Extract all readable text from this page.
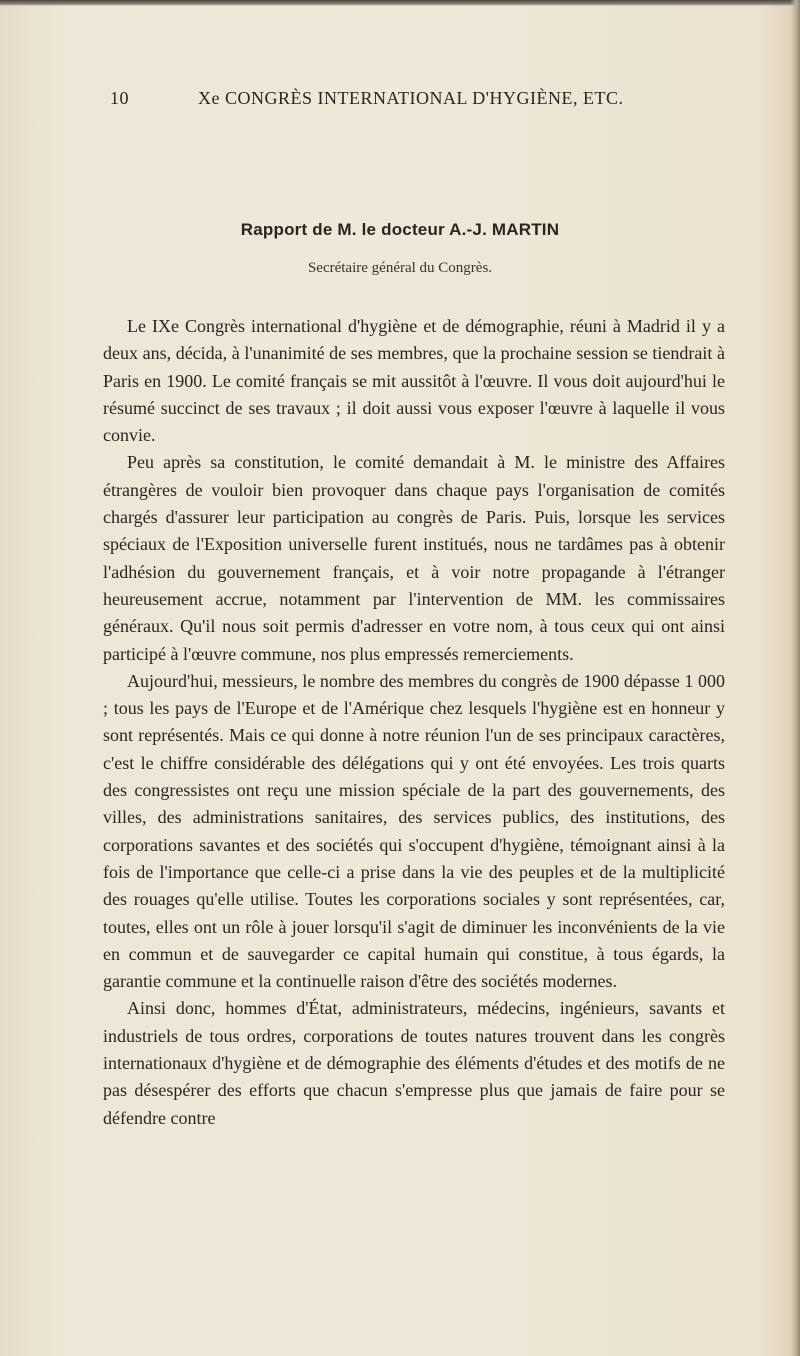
10	Xe CONGRÈS INTERNATIONAL D'HYGIÈNE, ETC.
Rapport de M. le docteur A.-J. MARTIN
Secrétaire général du Congrès.

Le IXe Congrès international d'hygiène et de démographie, réuni à Madrid il y a deux ans, décida, à l'unanimité de ses membres, que la prochaine session se tiendrait à Paris en 1900. Le comité français se mit aussitôt à l'œuvre. Il vous doit aujourd'hui le résumé succinct de ses travaux ; il doit aussi vous exposer l'œuvre à laquelle il vous convie.

Peu après sa constitution, le comité demandait à M. le ministre des Affaires étrangères de vouloir bien provoquer dans chaque pays l'organisation de comités chargés d'assurer leur participation au congrès de Paris. Puis, lorsque les services spéciaux de l'Exposition universelle furent institués, nous ne tardâmes pas à obtenir l'adhésion du gouvernement français, et à voir notre propagande à l'étranger heureusement accrue, notamment par l'intervention de MM. les commissaires généraux. Qu'il nous soit permis d'adresser en votre nom, à tous ceux qui ont ainsi participé à l'œuvre commune, nos plus empressés remerciements.

Aujourd'hui, messieurs, le nombre des membres du congrès de 1900 dépasse 1 000 ; tous les pays de l'Europe et de l'Amérique chez lesquels l'hygiène est en honneur y sont représentés. Mais ce qui donne à notre réunion l'un de ses principaux caractères, c'est le chiffre considérable des délégations qui y ont été envoyées. Les trois quarts des congressistes ont reçu une mission spéciale de la part des gouvernements, des villes, des administrations sanitaires, des services publics, des institutions, des corporations savantes et des sociétés qui s'occupent d'hygiène, témoignant ainsi à la fois de l'importance que celle-ci a prise dans la vie des peuples et de la multiplicité des rouages qu'elle utilise. Toutes les corporations sociales y sont représentées, car, toutes, elles ont un rôle à jouer lorsqu'il s'agit de diminuer les inconvénients de la vie en commun et de sauvegarder ce capital humain qui constitue, à tous égards, la garantie commune et la continuelle raison d'être des sociétés modernes.

Ainsi donc, hommes d'État, administrateurs, médecins, ingénieurs, savants et industriels de tous ordres, corporations de toutes natures trouvent dans les congrès internationaux d'hygiène et de démographie des éléments d'études et des motifs de ne pas désespérer des efforts que chacun s'empresse plus que jamais de faire pour se défendre contre
